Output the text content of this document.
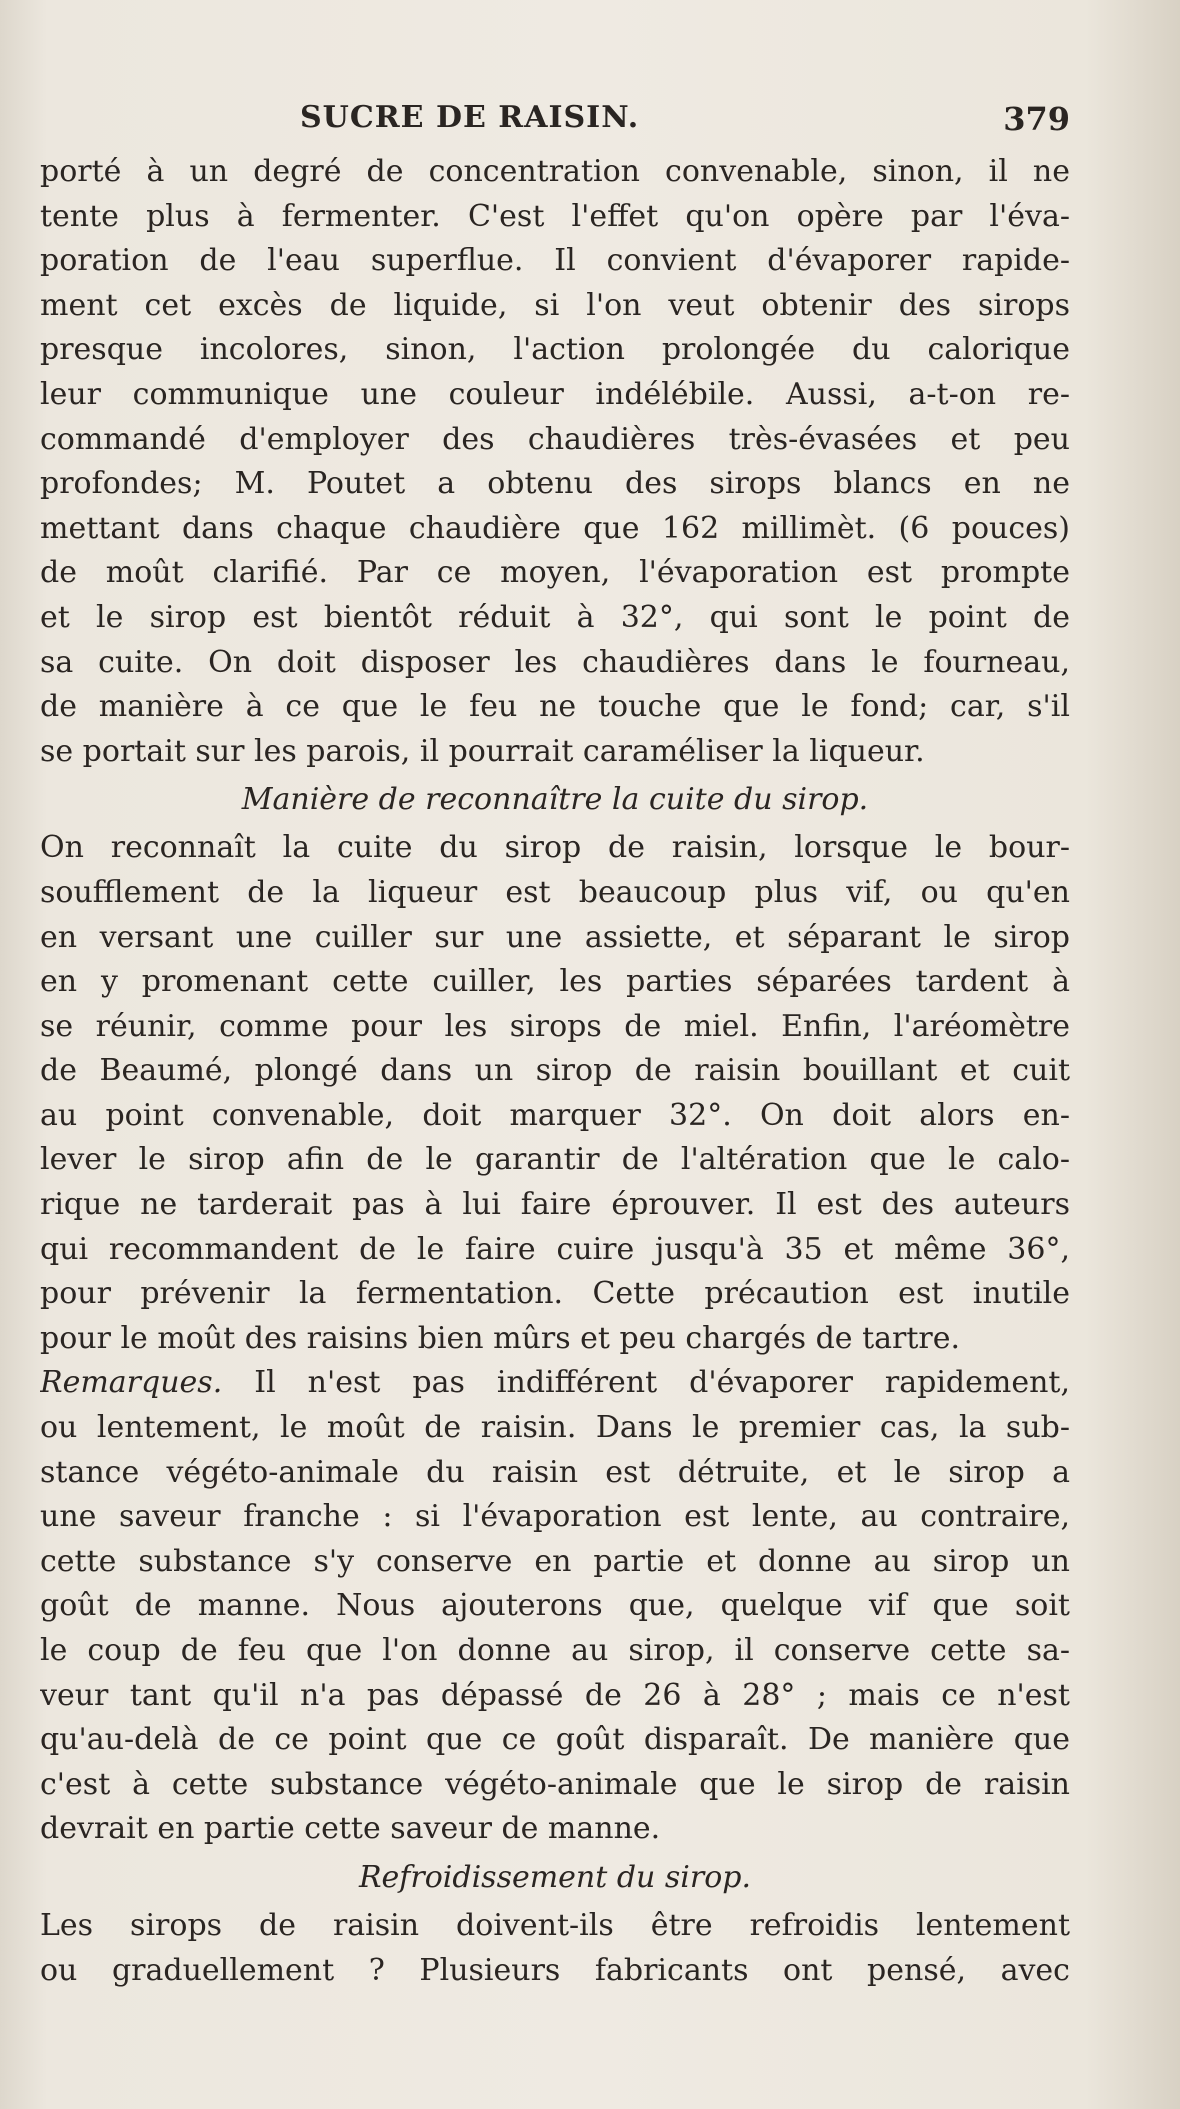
SUCRE DE RAISIN.	379
porté à un degré de concentration convenable, sinon, il ne
tente plus à fermenter. C'est l'effet qu'on opère par l'éva-
poration de l'eau superflue. Il convient d'évaporer rapide-
ment cet excès de liquide, si l'on veut obtenir des sirops
presque incolores, sinon, l'action prolongée du calorique
leur communique une couleur indélébile. Aussi, a-t-on re-
commandé d'employer des chaudières très-évasées et peu
profondes; M. Poutet a obtenu des sirops blancs en ne
mettant dans chaque chaudière que 162 millimèt. (6 pouces)
de moût clarifié. Par ce moyen, l'évaporation est prompte
et le sirop est bientôt réduit à 32°, qui sont le point de
sa cuite. On doit disposer les chaudières dans le fourneau,
de manière à ce que le feu ne touche que le fond; car, s'il
se portait sur les parois, il pourrait caraméliser la liqueur.
Manière de reconnaître la cuite du sirop.
On reconnaît la cuite du sirop de raisin, lorsque le bour-
soufflement de la liqueur est beaucoup plus vif, ou qu'en
en versant une cuiller sur une assiette, et séparant le sirop
en y promenant cette cuiller, les parties séparées tardent à
se réunir, comme pour les sirops de miel. Enfin, l'aréomètre
de Beaumé, plongé dans un sirop de raisin bouillant et cuit
au point convenable, doit marquer 32°. On doit alors en-
lever le sirop afin de le garantir de l'altération que le calo-
rique ne tarderait pas à lui faire éprouver. Il est des auteurs
qui recommandent de le faire cuire jusqu'à 35 et même 36°,
pour prévenir la fermentation. Cette précaution est inutile
pour le moût des raisins bien mûrs et peu chargés de tartre.
Remarques. Il n'est pas indifférent d'évaporer rapidement,
ou lentement, le moût de raisin. Dans le premier cas, la sub-
stance végéto-animale du raisin est détruite, et le sirop a
une saveur franche : si l'évaporation est lente, au contraire,
cette substance s'y conserve en partie et donne au sirop un
goût de manne. Nous ajouterons que, quelque vif que soit
le coup de feu que l'on donne au sirop, il conserve cette sa-
veur tant qu'il n'a pas dépassé de 26 à 28° ; mais ce n'est
qu'au-delà de ce point que ce goût disparaît. De manière que
c'est à cette substance végéto-animale que le sirop de raisin
devrait en partie cette saveur de manne.
Refroidissement du sirop.
Les sirops de raisin doivent-ils être refroidis lentement
ou graduellement ? Plusieurs fabricants ont pensé, avec
